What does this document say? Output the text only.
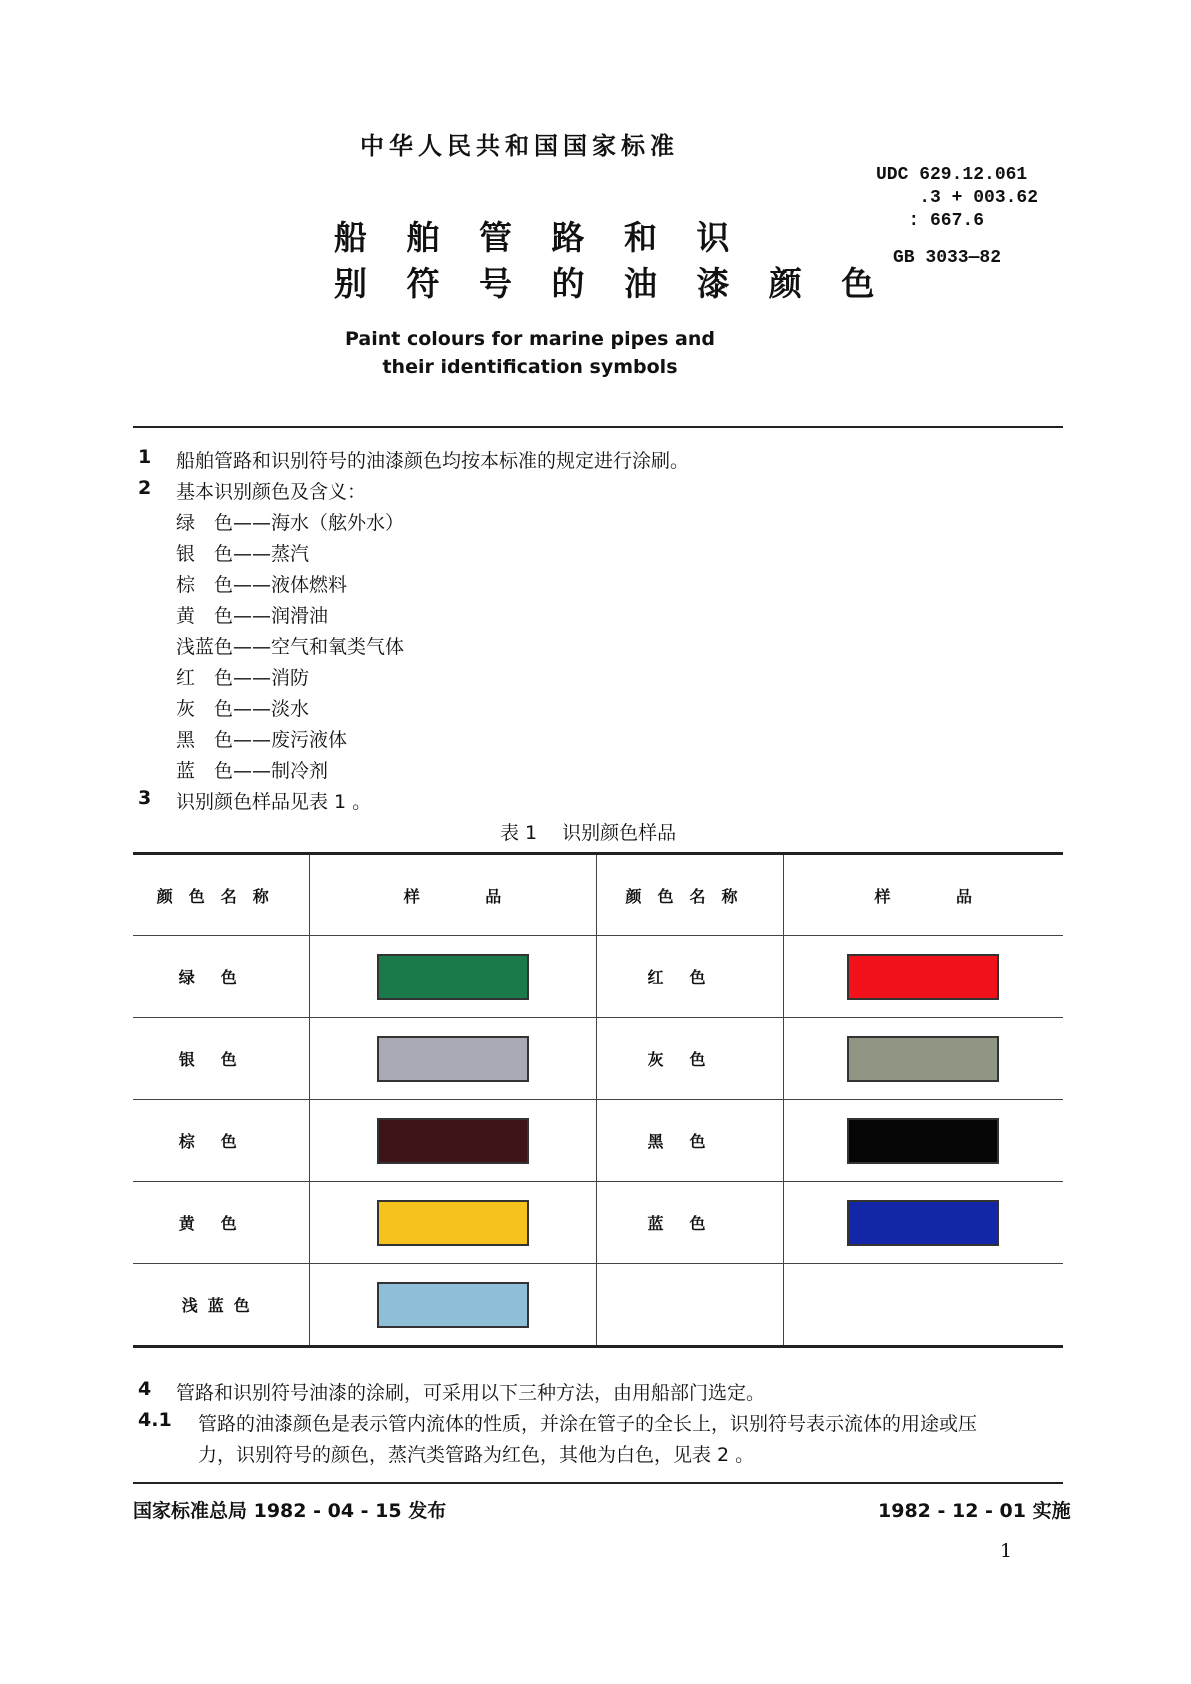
中华人民共和国国家标准
船 舶 管 路 和 识
别 符 号 的 油 漆 颜 色
Paint colours for marine pipes and
their identification symbols
UDC 629.12.061
.3 + 003.62
: 667.6
GB 3033—82
1 船舶管路和识别符号的油漆颜色均按本标准的规定进行涂刷。
2 基本识别颜色及含义：
绿　色——海水（舷外水）
银　色——蒸汽
棕　色——液体燃料
黄　色——润滑油
浅蓝色——空气和氧类气体
红　色——消防
灰　色——淡水
黑　色——废污液体
蓝　色——制冷剂
3 识别颜色样品见表 1 。
表 1　 识别颜色样品
颜色名称	样 品	颜色名称	样 品
绿色		红色	
银色		灰色	
棕色		黑色	
黄色		蓝色	
浅蓝色			
4 管路和识别符号油漆的涂刷，可采用以下三种方法，由用船部门选定。
4.1 管路的油漆颜色是表示管内流体的性质，并涂在管子的全长上，识别符号表示流体的用途或压
力，识别符号的颜色，蒸汽类管路为红色，其他为白色，见表 2 。
国家标准总局 1982 - 04 - 15 发布	1982 - 12 - 01 实施
1
